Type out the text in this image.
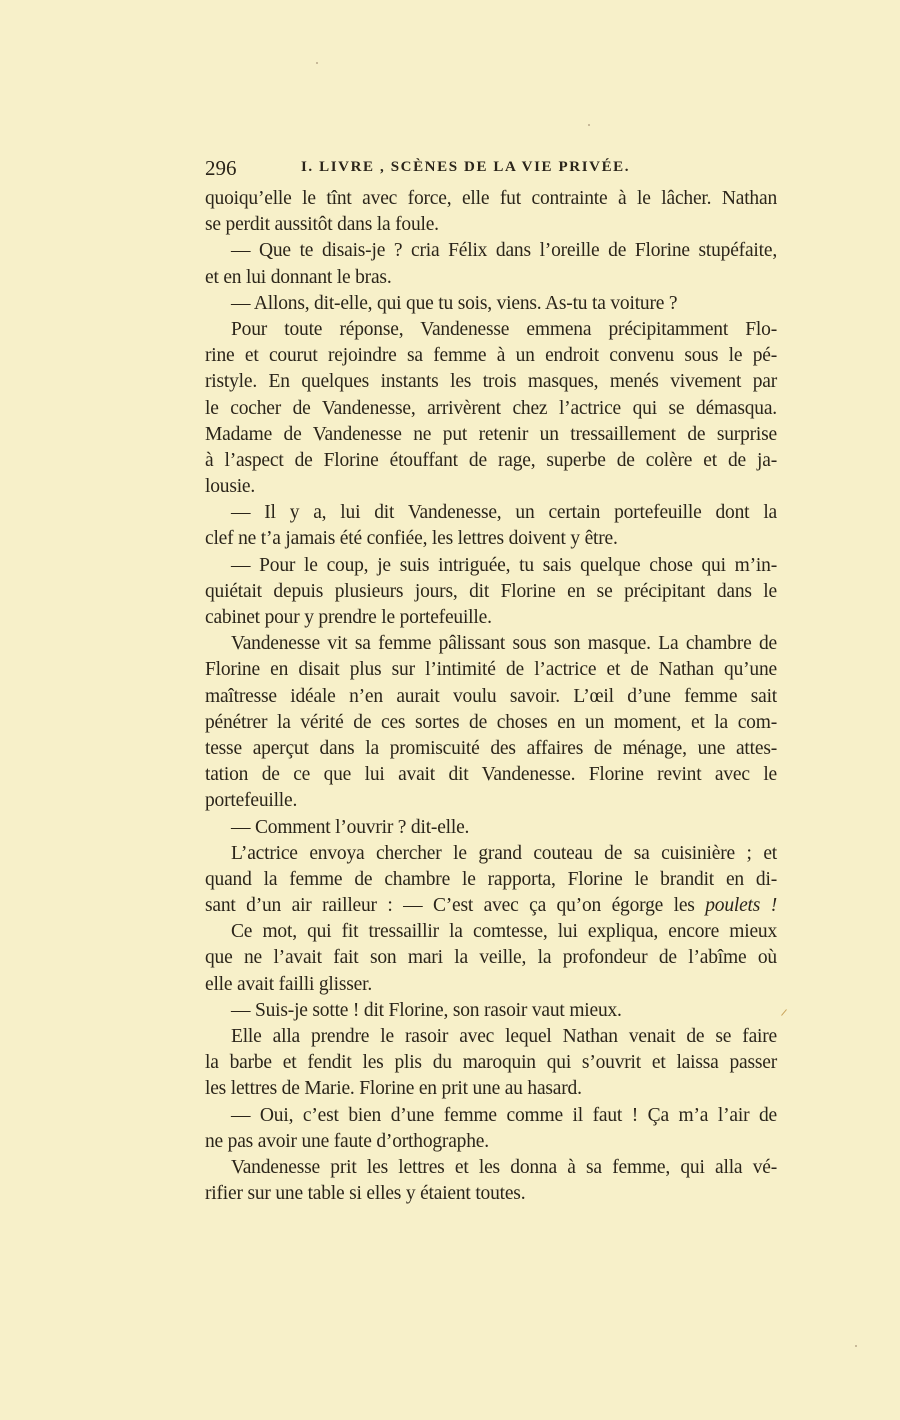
296	I. LIVRE , SCÈNES DE LA VIE PRIVÉE.
quoiqu’elle le tînt avec force, elle fut contrainte à le lâcher. Nathan
se perdit aussitôt dans la foule.
— Que te disais-je ? cria Félix dans l’oreille de Florine stupéfaite,
et en lui donnant le bras.
— Allons, dit-elle, qui que tu sois, viens. As-tu ta voiture ?
Pour toute réponse, Vandenesse emmena précipitamment Flo-
rine et courut rejoindre sa femme à un endroit convenu sous le pé-
ristyle. En quelques instants les trois masques, menés vivement par
le cocher de Vandenesse, arrivèrent chez l’actrice qui se démasqua.
Madame de Vandenesse ne put retenir un tressaillement de surprise
à l’aspect de Florine étouffant de rage, superbe de colère et de ja-
lousie.
— Il y a, lui dit Vandenesse, un certain portefeuille dont la
clef ne t’a jamais été confiée, les lettres doivent y être.
— Pour le coup, je suis intriguée, tu sais quelque chose qui m’in-
quiétait depuis plusieurs jours, dit Florine en se précipitant dans le
cabinet pour y prendre le portefeuille.
Vandenesse vit sa femme pâlissant sous son masque. La chambre de
Florine en disait plus sur l’intimité de l’actrice et de Nathan qu’une
maîtresse idéale n’en aurait voulu savoir. L’œil d’une femme sait
pénétrer la vérité de ces sortes de choses en un moment, et la com-
tesse aperçut dans la promiscuité des affaires de ménage, une attes-
tation de ce que lui avait dit Vandenesse. Florine revint avec le
portefeuille.
— Comment l’ouvrir ? dit-elle.
L’actrice envoya chercher le grand couteau de sa cuisinière ; et
quand la femme de chambre le rapporta, Florine le brandit en di-
sant d’un air railleur : — C’est avec ça qu’on égorge les poulets !
Ce mot, qui fit tressaillir la comtesse, lui expliqua, encore mieux
que ne l’avait fait son mari la veille, la profondeur de l’abîme où
elle avait failli glisser.
— Suis-je sotte ! dit Florine, son rasoir vaut mieux.
Elle alla prendre le rasoir avec lequel Nathan venait de se faire
la barbe et fendit les plis du maroquin qui s’ouvrit et laissa passer
les lettres de Marie. Florine en prit une au hasard.
— Oui, c’est bien d’une femme comme il faut ! Ça m’a l’air de
ne pas avoir une faute d’orthographe.
Vandenesse prit les lettres et les donna à sa femme, qui alla vé-
rifier sur une table si elles y étaient toutes.
